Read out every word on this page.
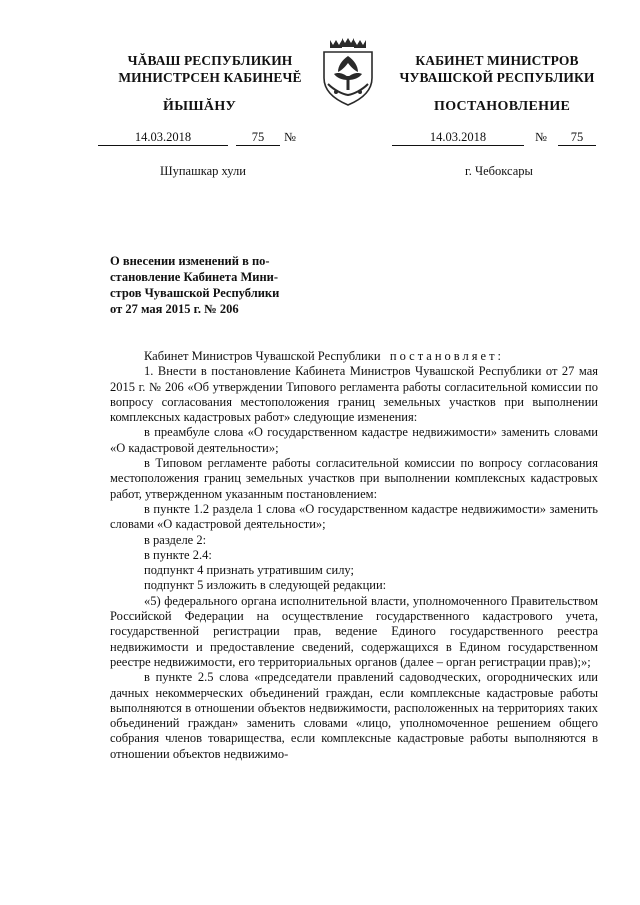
ЧĂВАШ РЕСПУБЛИКИН
МИНИСТРСЕН КАБИНЕЧĔ
ЙЫШĂНУ
КАБИНЕТ МИНИСТРОВ
ЧУВАШСКОЙ РЕСПУБЛИКИ
ПОСТАНОВЛЕНИЕ
14.03.2018	75	№	14.03.2018	№	75
Шупашкар хули	г. Чебоксары
О внесении изменений в по-
становление Кабинета Мини-
стров Чувашской Республики
от 27 мая 2015 г. № 206

Кабинет Министров Чувашской Республики постановляет:

1. Внести в постановление Кабинета Министров Чувашской Республики от 27 мая 2015 г. № 206 «Об утверждении Типового регламента работы согласительной комиссии по вопросу согласования местоположения границ земельных участков при выполнении комплексных кадастровых работ» следующие изменения:

в преамбуле слова «О государственном кадастре недвижимости» заменить словами «О кадастровой деятельности»;

в Типовом регламенте работы согласительной комиссии по вопросу согласования местоположения границ земельных участков при выполнении комплексных кадастровых работ, утвержденном указанным постановлением:

в пункте 1.2 раздела 1 слова «О государственном кадастре недвижимости» заменить словами «О кадастровой деятельности»;

в разделе 2:

в пункте 2.4:

подпункт 4 признать утратившим силу;

подпункт 5 изложить в следующей редакции:

«5) федерального органа исполнительной власти, уполномоченного Правительством Российской Федерации на осуществление государственного кадастрового учета, государственной регистрации прав, ведение Единого государственного реестра недвижимости и предоставление сведений, содержащихся в Едином государственном реестре недвижимости, его территориальных органов (далее – орган регистрации прав);»;

в пункте 2.5 слова «председатели правлений садоводческих, огороднических или дачных некоммерческих объединений граждан, если комплексные кадастровые работы выполняются в отношении объектов недвижимости, расположенных на территориях таких объединений граждан» заменить словами «лицо, уполномоченное решением общего собрания членов товарищества, если комплексные кадастровые работы выполняются в отношении объектов недвижимо-
